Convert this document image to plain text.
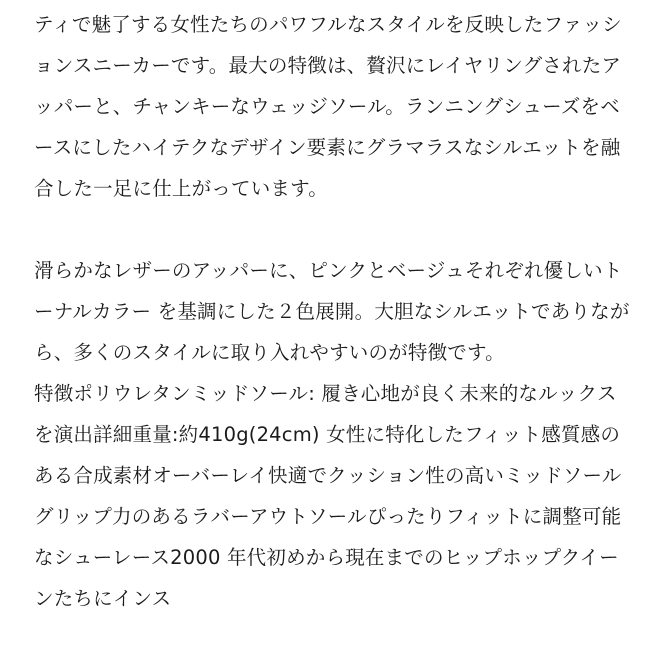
ティで魅了する女性たちのパワフルなスタイルを反映したファッションスニーカーです。最大の特徴は、贅沢にレイヤリングされたアッパーと、チャンキーなウェッジソール。ランニングシューズをベースにしたハイテクなデザイン要素にグラマラスなシルエットを融合した一足に仕上がっています。

滑らかなレザーのアッパーに、ピンクとベージュそれぞれ優しいトーナルカラー を基調にした２色展開。大胆なシルエットでありながら、多くのスタイルに取り入れやすいのが特徴です。

特徴ポリウレタンミッドソール: 履き心地が良く未来的なルックスを演出詳細重量:約410g(24cm) 女性に特化したフィット感質感のある合成素材オーバーレイ快適でクッション性の高いミッドソールグリップ力のあるラバーアウトソールぴったりフィットに調整可能なシューレース2000 年代初めから現在までのヒップホップクイーンたちにインス
